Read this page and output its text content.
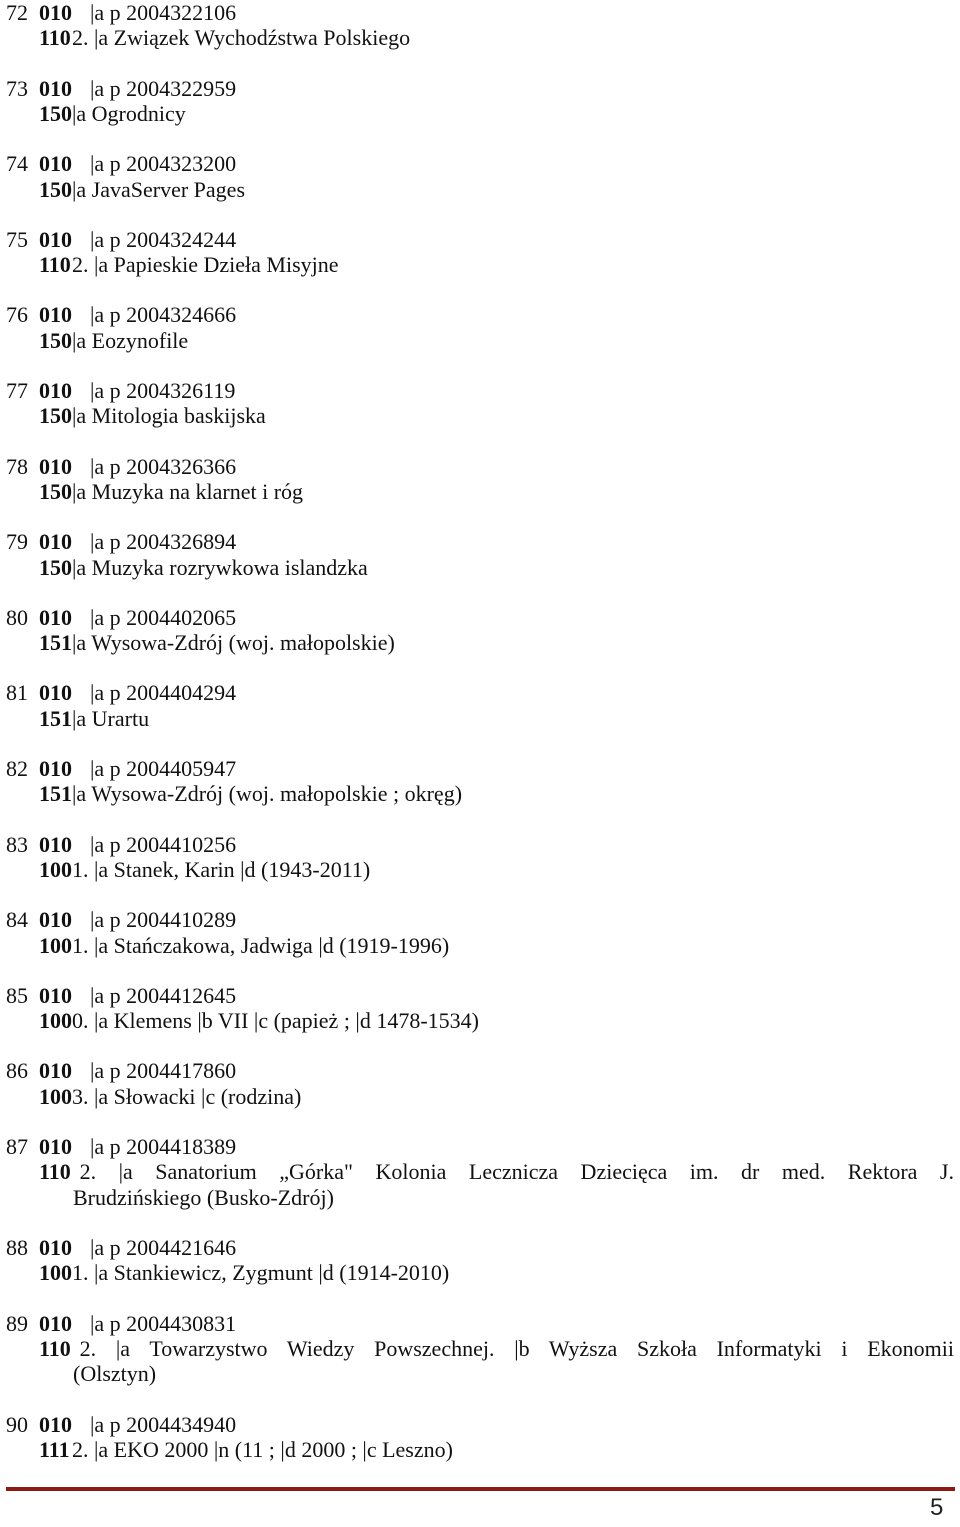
72 010 |a p 2004322106
110 2. |a Związek Wychodźstwa Polskiego
73 010 |a p 2004322959
150 |a Ogrodnicy
74 010 |a p 2004323200
150 |a JavaServer Pages
75 010 |a p 2004324244
110 2. |a Papieskie Dzieła Misyjne
76 010 |a p 2004324666
150 |a Eozynofile
77 010 |a p 2004326119
150 |a Mitologia baskijska
78 010 |a p 2004326366
150 |a Muzyka na klarnet i róg
79 010 |a p 2004326894
150 |a Muzyka rozrywkowa islandzka
80 010 |a p 2004402065
151 |a Wysowa-Zdrój (woj. małopolskie)
81 010 |a p 2004404294
151 |a Urartu
82 010 |a p 2004405947
151 |a Wysowa-Zdrój (woj. małopolskie ; okręg)
83 010 |a p 2004410256
100 1. |a Stanek, Karin |d (1943-2011)
84 010 |a p 2004410289
100 1. |a Stańczakowa, Jadwiga |d (1919-1996)
85 010 |a p 2004412645
100 0. |a Klemens |b VII |c (papież ; |d 1478-1534)
86 010 |a p 2004417860
100 3. |a Słowacki |c (rodzina)
87 010 |a p 2004418389
110 2. |a Sanatorium „Górka" Kolonia Lecznicza Dziecięca im. dr med. Rektora J.
Brudzińskiego (Busko-Zdrój)
88 010 |a p 2004421646
100 1. |a Stankiewicz, Zygmunt |d (1914-2010)
89 010 |a p 2004430831
110 2. |a Towarzystwo Wiedzy Powszechnej. |b Wyższa Szkoła Informatyki i Ekonomii
(Olsztyn)
90 010 |a p 2004434940
111 2. |a EKO 2000 |n (11 ; |d 2000 ; |c Leszno)
5
